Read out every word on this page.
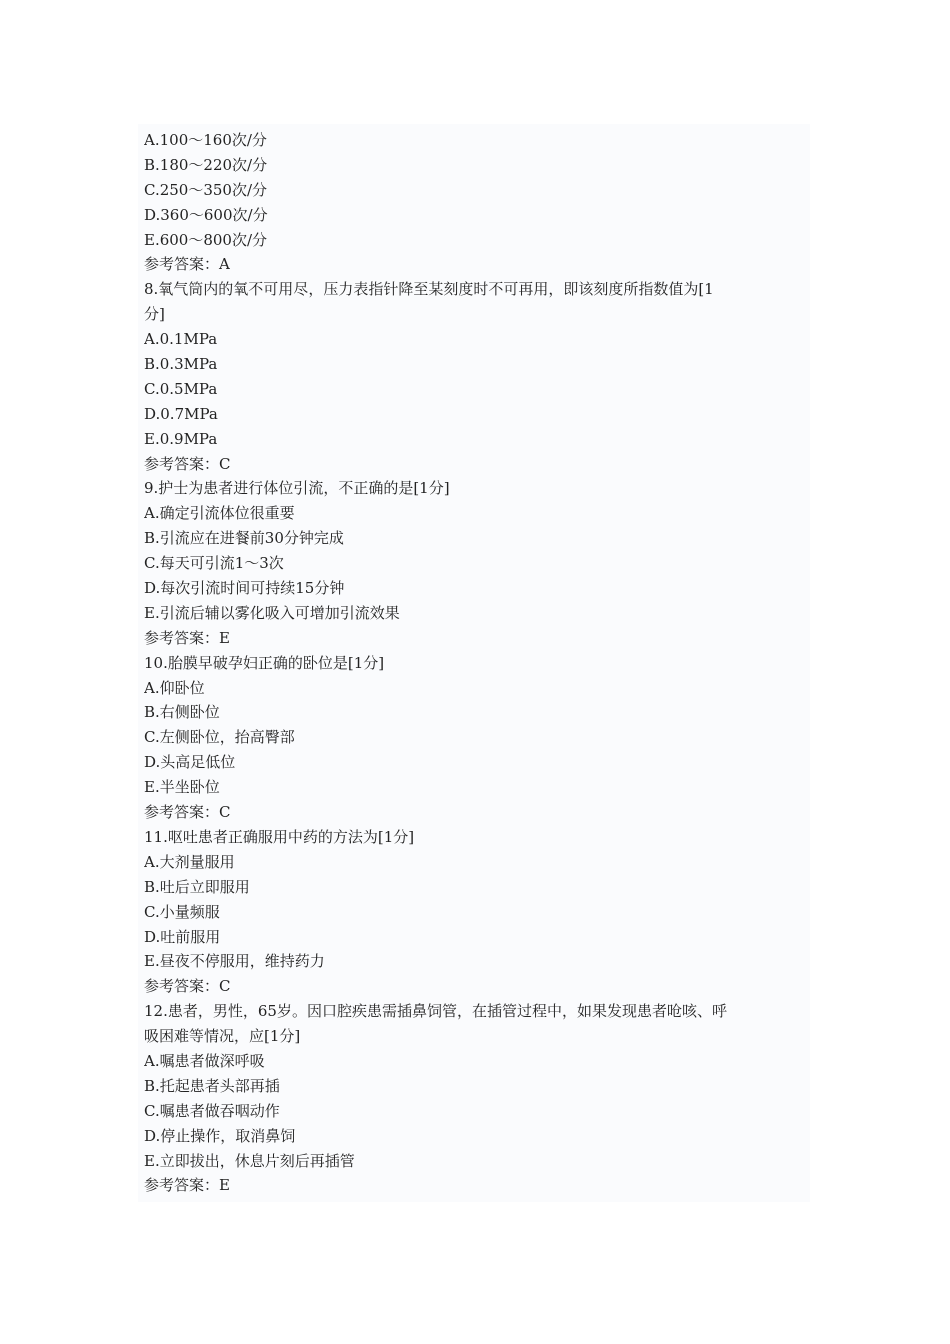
A.100～160次/分
B.180～220次/分
C.250～350次/分
D.360～600次/分
E.600～800次/分
参考答案：A
8.氧气筒内的氧不可用尽，压力表指针降至某刻度时不可再用，即该刻度所指数值为[1
分]
A.0.1MPa
B.0.3MPa
C.0.5MPa
D.0.7MPa
E.0.9MPa
参考答案：C
9.护士为患者进行体位引流，不正确的是[1分]
A.确定引流体位很重要
B.引流应在进餐前30分钟完成
C.每天可引流1～3次
D.每次引流时间可持续15分钟
E.引流后辅以雾化吸入可增加引流效果
参考答案：E
10.胎膜早破孕妇正确的卧位是[1分]
A.仰卧位
B.右侧卧位
C.左侧卧位，抬高臀部
D.头高足低位
E.半坐卧位
参考答案：C
11.呕吐患者正确服用中药的方法为[1分]
A.大剂量服用
B.吐后立即服用
C.小量频服
D.吐前服用
E.昼夜不停服用，维持药力
参考答案：C
12.患者，男性，65岁。因口腔疾患需插鼻饲管，在插管过程中，如果发现患者呛咳、呼
吸困难等情况，应[1分]
A.嘱患者做深呼吸
B.托起患者头部再插
C.嘱患者做吞咽动作
D.停止操作，取消鼻饲
E.立即拔出，休息片刻后再插管
参考答案：E
